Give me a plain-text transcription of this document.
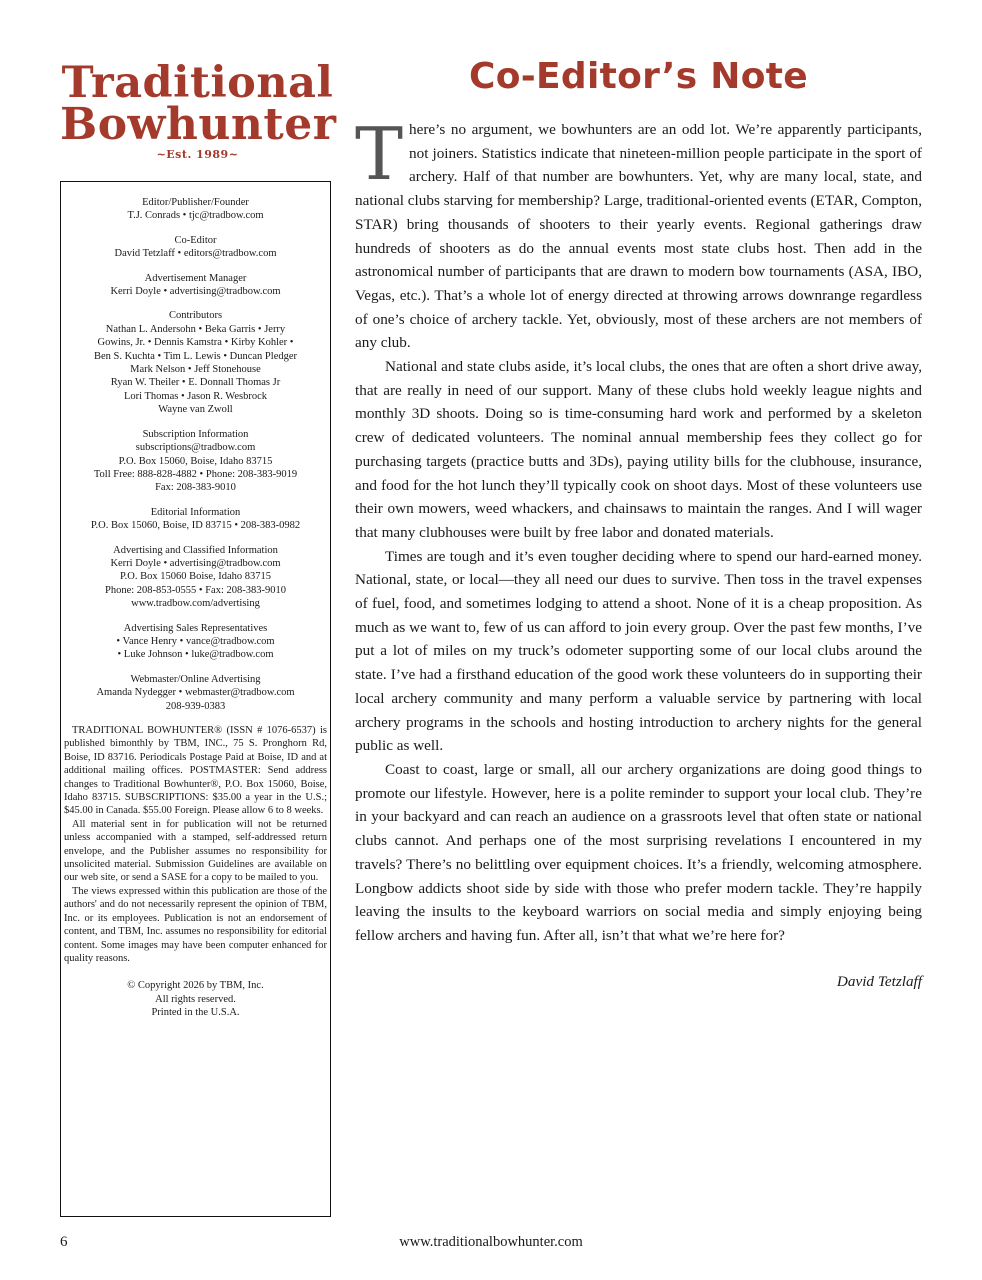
Traditional
Bowhunter
~Est. 1989~
Editor/Publisher/Founder
T.J. Conrads • tjc@tradbow.com
Co-Editor
David Tetzlaff • editors@tradbow.com
Advertisement Manager
Kerri Doyle • advertising@tradbow.com
Contributors
Nathan L. Andersohn • Beka Garris • Jerry
Gowins, Jr. • Dennis Kamstra • Kirby Kohler •
Ben S. Kuchta • Tim L. Lewis • Duncan Pledger
Mark Nelson • Jeff Stonehouse
Ryan W. Theiler • E. Donnall Thomas Jr
Lori Thomas • Jason R. Wesbrock
Wayne van Zwoll
Subscription Information
subscriptions@tradbow.com
P.O. Box 15060, Boise, Idaho 83715
Toll Free: 888-828-4882 • Phone: 208-383-9019
Fax: 208-383-9010
Editorial Information
P.O. Box 15060, Boise, ID 83715 • 208-383-0982
Advertising and Classified Information
Kerri Doyle • advertising@tradbow.com
P.O. Box 15060 Boise, Idaho 83715
Phone: 208-853-0555 • Fax: 208-383-9010
www.tradbow.com/advertising
Advertising Sales Representatives
• Vance Henry • vance@tradbow.com
• Luke Johnson • luke@tradbow.com
Webmaster/Online Advertising
Amanda Nydegger • webmaster@tradbow.com
208-939-0383

TRADITIONAL BOWHUNTER® (ISSN # 1076-6537) is published bimonthly by TBM, INC., 75 S. Pronghorn Rd, Boise, ID 83716. Periodicals Postage Paid at Boise, ID and at additional mailing offices. POSTMASTER: Send address changes to Traditional Bowhunter®, P.O. Box 15060, Boise, Idaho 83715. SUBSCRIPTIONS: $35.00 a year in the U.S.; $45.00 in Canada. $55.00 Foreign. Please allow 6 to 8 weeks.

All material sent in for publication will not be returned unless accompanied with a stamped, self-addressed return envelope, and the Publisher assumes no responsibility for unsolicited material. Submission Guidelines are available on our web site, or send a SASE for a copy to be mailed to you.

The views expressed within this publication are those of the authors' and do not necessarily represent the opinion of TBM, Inc. or its employees. Publication is not an endorsement of content, and TBM, Inc. assumes no responsibility for editorial content. Some images may have been computer enhanced for quality reasons.

© Copyright 2026 by TBM, Inc.
All rights reserved.
Printed in the U.S.A.
Co-Editor’s Note

There’s no argument, we bowhunters are an odd lot. We’re apparently participants, not joiners. Statistics indicate that nineteen-million people participate in the sport of archery. Half of that number are bowhunters. Yet, why are many local, state, and national clubs starving for membership? Large, traditional-oriented events (ETAR, Compton, STAR) bring thousands of shooters to their yearly events. Regional gatherings draw hundreds of shooters as do the annual events most state clubs host. Then add in the astronomical number of participants that are drawn to modern bow tournaments (ASA, IBO, Vegas, etc.). That’s a whole lot of energy directed at throwing arrows downrange regardless of one’s choice of archery tackle. Yet, obviously, most of these archers are not members of any club.

National and state clubs aside, it’s local clubs, the ones that are often a short drive away, that are really in need of our support. Many of these clubs hold weekly league nights and monthly 3D shoots. Doing so is time-consuming hard work and performed by a skeleton crew of dedicated volunteers. The nominal annual membership fees they collect go for purchasing targets (practice butts and 3Ds), paying utility bills for the clubhouse, insurance, and food for the hot lunch they’ll typically cook on shoot days. Most of these volunteers use their own mowers, weed whackers, and chainsaws to maintain the ranges. And I will wager that many clubhouses were built by free labor and donated materials.

Times are tough and it’s even tougher deciding where to spend our hard-earned money. National, state, or local—they all need our dues to survive. Then toss in the travel expenses of fuel, food, and sometimes lodging to attend a shoot. None of it is a cheap proposition. As much as we want to, few of us can afford to join every group. Over the past few months, I’ve put a lot of miles on my truck’s odometer supporting some of our local clubs around the state. I’ve had a firsthand education of the good work these volunteers do in supporting their local archery community and many perform a valuable service by partnering with local archery programs in the schools and hosting introduction to archery nights for the general public as well.

Coast to coast, large or small, all our archery organizations are doing good things to promote our lifestyle. However, here is a polite reminder to support your local club. They’re in your backyard and can reach an audience on a grassroots level that often state or national clubs cannot. And perhaps one of the most surprising revelations I encountered in my travels? There’s no belittling over equipment choices. It’s a friendly, welcoming atmosphere. Longbow addicts shoot side by side with those who prefer modern tackle. They’re happily leaving the insults to the keyboard warriors on social media and simply enjoying being fellow archers and having fun. After all, isn’t that what we’re here for?

David Tetzlaff

6	www.traditionalbowhunter.com
